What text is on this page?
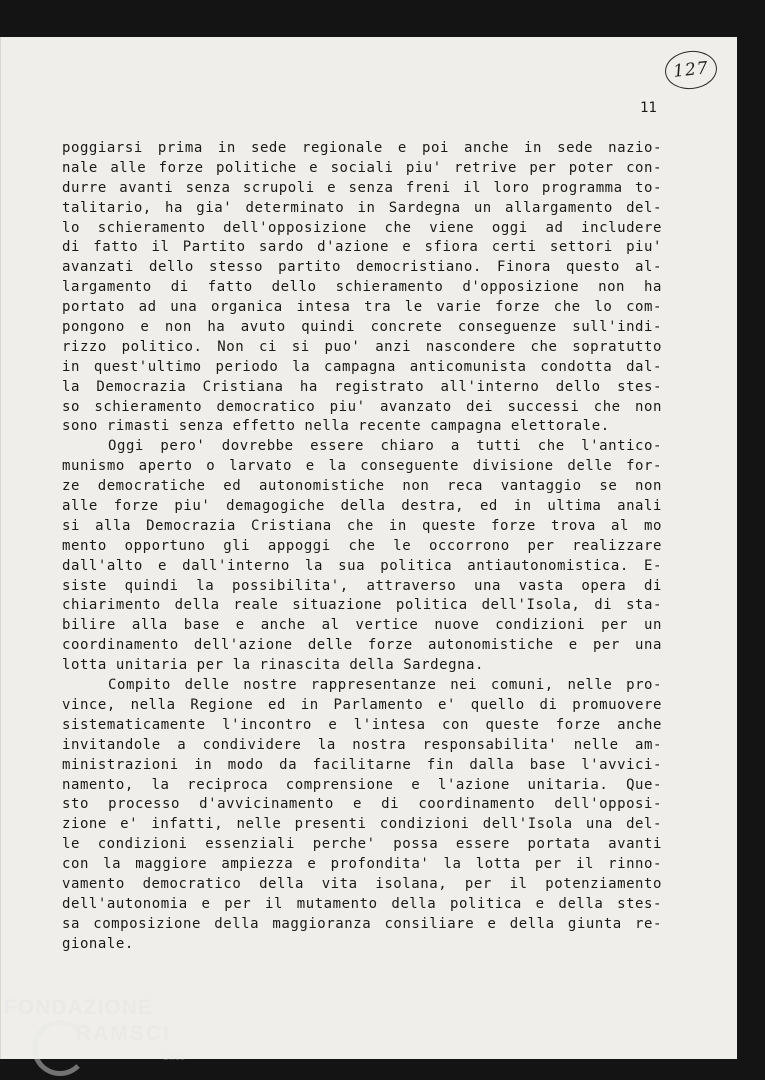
127
11
poggiarsi prima in sede regionale e poi anche in sede nazio-
nale alle forze politiche e sociali piu' retrive per poter con-
durre avanti senza scrupoli e senza freni il loro programma to-
talitario, ha gia' determinato in Sardegna un allargamento del-
lo schieramento dell'opposizione che viene oggi ad includere
di fatto il Partito sardo d'azione e sfiora certi settori piu'
avanzati dello stesso partito democristiano. Finora questo al-
largamento di fatto dello schieramento d'opposizione non ha
portato ad una organica intesa tra le varie forze che lo com-
pongono e non ha avuto quindi concrete conseguenze sull'indi-
rizzo politico. Non ci si puo' anzi nascondere che sopratutto
in quest'ultimo periodo la campagna anticomunista condotta dal-
la Democrazia Cristiana ha registrato all'interno dello stes-
so schieramento democratico piu' avanzato dei successi che non
sono rimasti senza effetto nella recente campagna elettorale.
Oggi pero' dovrebbe essere chiaro a tutti che l'antico-
munismo aperto o larvato e la conseguente divisione delle for-
ze democratiche ed autonomistiche non reca vantaggio se non
alle forze piu' demagogiche della destra, ed in ultima anali
si alla Democrazia Cristiana che in queste forze trova al mo
mento opportuno gli appoggi che le occorrono per realizzare
dall'alto e dall'interno la sua politica antiautonomistica. E-
siste quindi la possibilita', attraverso una vasta opera di
chiarimento della reale situazione politica dell'Isola, di sta-
bilire alla base e anche al vertice nuove condizioni per un
coordinamento dell'azione delle forze autonomistiche e per una
lotta unitaria per la rinascita della Sardegna.
Compito delle nostre rappresentanze nei comuni, nelle pro-
vince, nella Regione ed in Parlamento e' quello di promuovere
sistematicamente l'incontro e l'intesa con queste forze anche
invitandole a condividere la nostra responsabilita' nelle am-
ministrazioni in modo da facilitarne fin dalla base l'avvici-
namento, la reciproca comprensione e l'azione unitaria. Que-
sto processo d'avvicinamento e di coordinamento dell'opposi-
zione e' infatti, nelle presenti condizioni dell'Isola una del-
le condizioni essenziali perche' possa essere portata avanti
con la maggiore ampiezza e profondita' la lotta per il rinno-
vamento democratico della vita isolana, per il potenziamento
dell'autonomia e per il mutamento della politica e della stes-
sa composizione della maggioranza consiliare e della giunta re-
gionale.
FONDAZIONE
RAMSCI
Gilles
